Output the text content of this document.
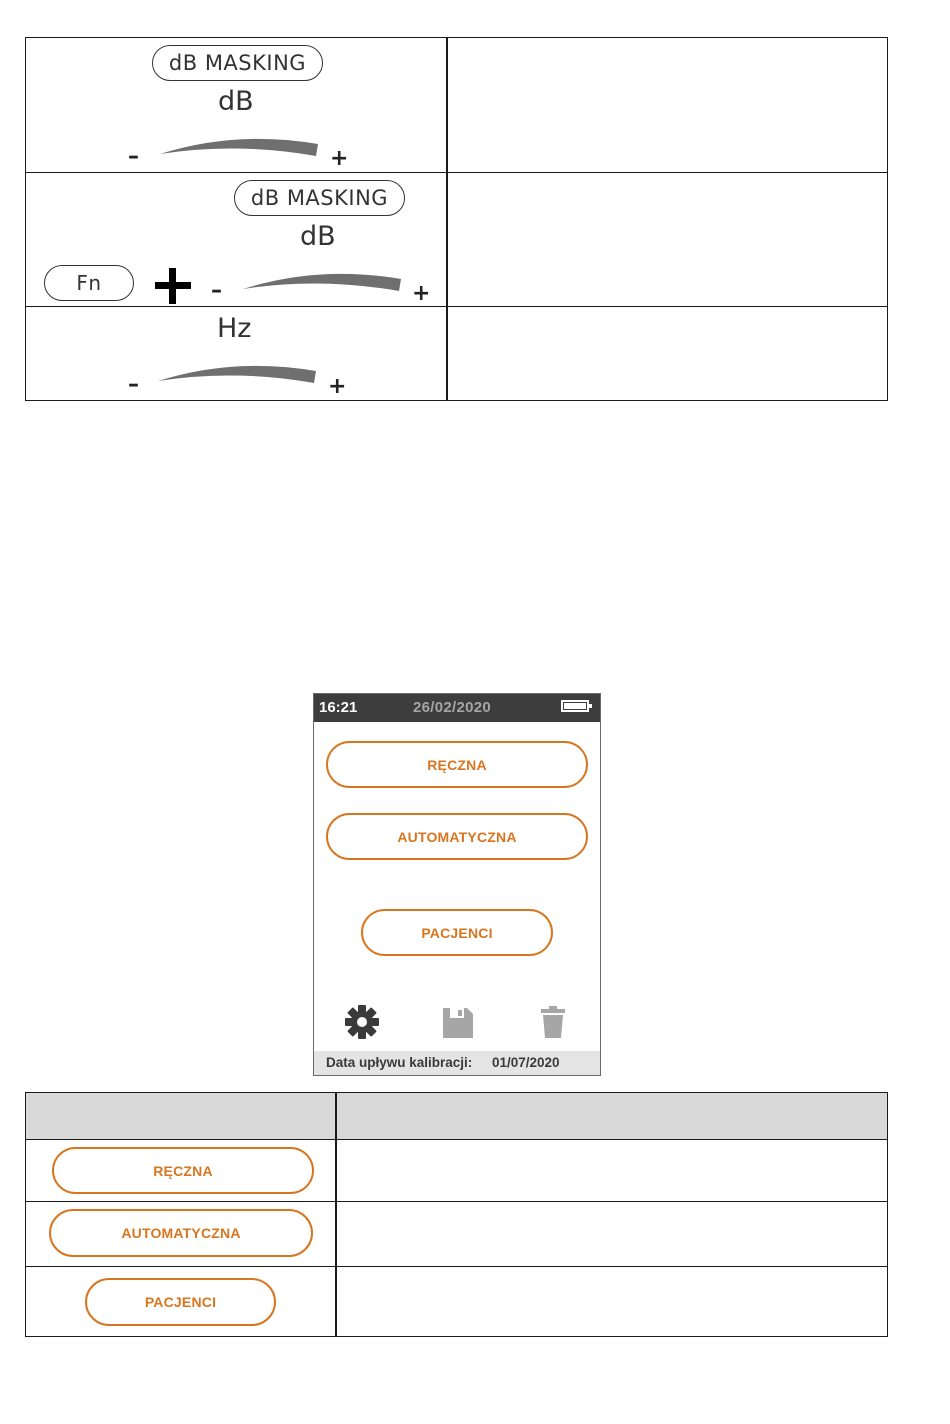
dB MASKING
dB
–	+
dB MASKING
dB
Fn	–	+
Hz
–	+
16:21	26/02/2020
RĘCZNA
AUTOMATYCZNA
PACJENCI
Data upływu kalibracji: 01/07/2020
RĘCZNA
AUTOMATYCZNA
PACJENCI
